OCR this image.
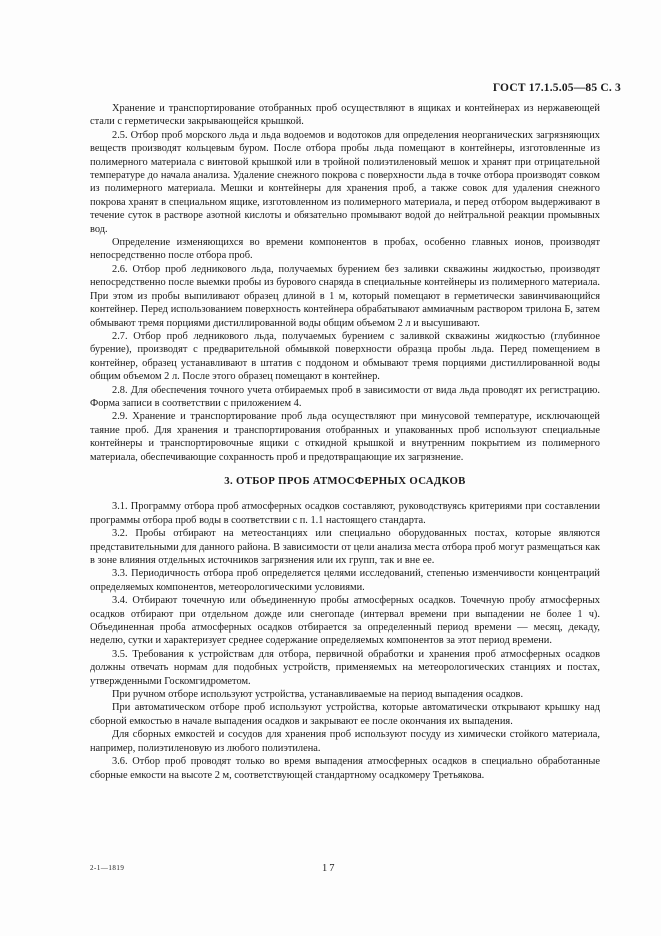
ГОСТ 17.1.5.05—85 С. 3

Хранение и транспортирование отобранных проб осуществляют в ящиках и контейнерах из нержавеющей стали с герметически закрывающейся крышкой.

2.5. Отбор проб морского льда и льда водоемов и водотоков для определения неорганических загрязняющих веществ производят кольцевым буром. После отбора пробы льда помещают в контейнеры, изготовленные из полимерного материала с винтовой крышкой или в тройной полиэтиленовый мешок и хранят при отрицательной температуре до начала анализа. Удаление снежного покрова с поверхности льда в точке отбора производят совком из полимерного материала. Мешки и контейнеры для хранения проб, а также совок для удаления снежного покрова хранят в специальном ящике, изготовленном из полимерного материала, и перед отбором выдерживают в течение суток в растворе азотной кислоты и обязательно промывают водой до нейтральной реакции промывных вод.

Определение изменяющихся во времени компонентов в пробах, особенно главных ионов, производят непосредственно после отбора проб.

2.6. Отбор проб ледникового льда, получаемых бурением без заливки скважины жидкостью, производят непосредственно после выемки пробы из бурового снаряда в специальные контейнеры из полимерного материала. При этом из пробы выпиливают образец длиной в 1 м, который помещают в герметически завинчивающийся контейнер. Перед использованием поверхность контейнера обрабатывают аммиачным раствором трилона Б, затем обмывают тремя порциями дистиллированной воды общим объемом 2 л и высушивают.

2.7. Отбор проб ледникового льда, получаемых бурением с заливкой скважины жидкостью (глубинное бурение), производят с предварительной обмывкой поверхности образца пробы льда. Перед помещением в контейнер, образец устанавливают в штатив с поддоном и обмывают тремя порциями дистиллированной воды общим объемом 2 л. После этого образец помещают в контейнер.

2.8. Для обеспечения точного учета отбираемых проб в зависимости от вида льда проводят их регистрацию. Форма записи в соответствии с приложением 4.

2.9. Хранение и транспортирование проб льда осуществляют при минусовой температуре, исключающей таяние проб. Для хранения и транспортирования отобранных и упакованных проб используют специальные контейнеры и транспортировочные ящики с откидной крышкой и внутренним покрытием из полимерного материала, обеспечивающие сохранность проб и предотвращающие их загрязнение.

3. ОТБОР ПРОБ АТМОСФЕРНЫХ ОСАДКОВ

3.1. Программу отбора проб атмосферных осадков составляют, руководствуясь критериями при составлении программы отбора проб воды в соответствии с п. 1.1 настоящего стандарта.

3.2. Пробы отбирают на метеостанциях или специально оборудованных постах, которые являются представительными для данного района. В зависимости от цели анализа места отбора проб могут размещаться как в зоне влияния отдельных источников загрязнения или их групп, так и вне ее.

3.3. Периодичность отбора проб определяется целями исследований, степенью изменчивости концентраций определяемых компонентов, метеорологическими условиями.

3.4. Отбирают точечную или объединенную пробы атмосферных осадков. Точечную пробу атмосферных осадков отбирают при отдельном дожде или снегопаде (интервал времени при выпадении не более 1 ч). Объединенная проба атмосферных осадков отбирается за определенный период времени — месяц, декаду, неделю, сутки и характеризует среднее содержание определяемых компонентов за этот период времени.

3.5. Требования к устройствам для отбора, первичной обработки и хранения проб атмосферных осадков должны отвечать нормам для подобных устройств, применяемых на метеорологических станциях и постах, утвержденными Госкомгидрометом.

При ручном отборе используют устройства, устанавливаемые на период выпадения осадков.

При автоматическом отборе проб используют устройства, которые автоматически открывают крышку над сборной емкостью в начале выпадения осадков и закрывают ее после окончания их выпадения.

Для сборных емкостей и сосудов для хранения проб используют посуду из химически стойкого материала, например, полиэтиленовую из любого полиэтилена.

3.6. Отбор проб проводят только во время выпадения атмосферных осадков в специально обработанные сборные емкости на высоте 2 м, соответствующей стандартному осадкомеру Третьякова.

2-1—1819	17
